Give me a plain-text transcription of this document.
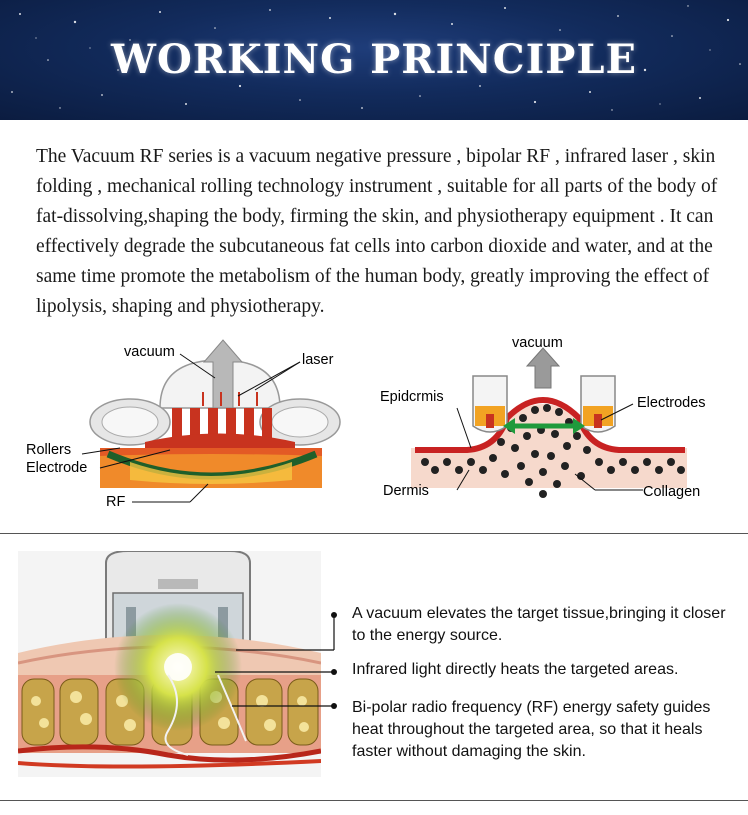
WORKING PRINCIPLE

The Vacuum RF series is a vacuum negative pressure , bipolar RF , infrared laser , skin folding , mechanical rolling technology instrument , suitable for all parts of the body of fat-dissolving,shaping the body, firming the skin, and physiotherapy equipment . It can effectively degrade the subcutaneous fat cells into carbon dioxide and water, and at the same time promote the metabolism of the human body, greatly improving the effect of lipolysis, shaping and physiotherapy.

vacuum	laser
Rollers
Electrode
RF
vacuum
Epidcrmis	Electrodes
Dermis	Collagen

A vacuum elevates the target tissue,bringing it closer to the energy source.

Infrared light directly heats the targeted areas.

Bi-polar radio frequency (RF) energy safety guides heat throughout the targeted area, so that it heals faster without damaging the skin.
